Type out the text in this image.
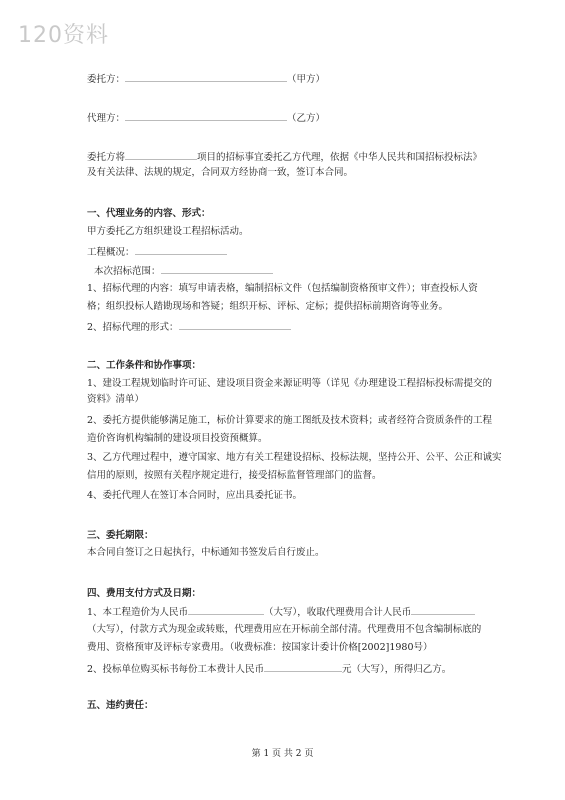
120资料
委托方：	（甲方）
代理方：	（乙方）
委托方将	项目的招标事宜委托乙方代理，依据《中华人民共和国招标投标法》
及有关法律、法规的规定，合同双方经协商一致，签订本合同。
一、代理业务的内容、形式：
甲方委托乙方组织建设工程招标活动。
工程概况：
本次招标范围：
1、招标代理的内容：填写申请表格，编制招标文件（包括编制资格预审文件）；审查投标人资
格；组织投标人踏勘现场和答疑；组织开标、评标、定标；提供招标前期咨询等业务。
2、招标代理的形式：
二、工作条件和协作事项：
1、建设工程规划临时许可证、建设项目资金来源证明等（详见《办理建设工程招标投标需提交的
资料》清单）
2、委托方提供能够满足施工，标价计算要求的施工图纸及技术资料；或者经符合资质条件的工程
造价咨询机构编制的建设项目投资预概算。
3、乙方代理过程中，遵守国家、地方有关工程建设招标、投标法规，坚持公开、公平、公正和诚实
信用的原则，按照有关程序规定进行，接受招标监督管理部门的监督。
4、委托代理人在签订本合同时，应出具委托证书。
三、委托期限：
本合同自签订之日起执行，中标通知书签发后自行废止。
四、费用支付方式及日期：
1、本工程造价为人民币	（大写），收取代理费用合计人民币
（大写），付款方式为现金或转账，代理费用应在开标前全部付清。代理费用不包含编制标底的
费用、资格预审及评标专家费用。（收费标准：按国家计委计价格[2002]1980号）
2、投标单位购买标书每份工本费计人民币	元（大写），所得归乙方。
五、违约责任：
第 1 页 共 2 页
